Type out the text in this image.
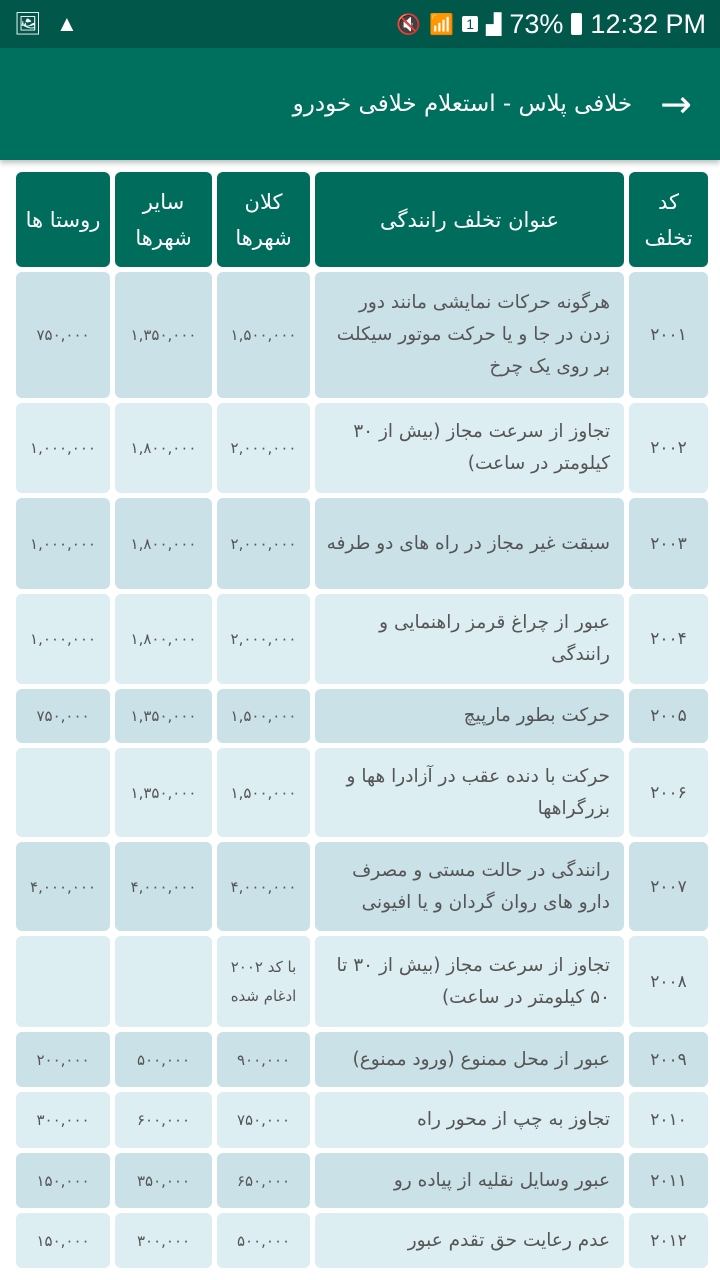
🖼 ▲	🔇 📶 1 ▟ 73% 12:32 PM
→
خلافی پلاس - استعلام خلافی خودرو
کد تخلف
عنوان تخلف رانندگی
کلان شهرها
سایر شهرها
روستا ها
۲۰۰۱
هرگونه حرکات نمایشی مانند دور زدن در جا و یا حرکت موتور سیکلت بر روی یک چرخ
۱,۵۰۰,۰۰۰
۱,۳۵۰,۰۰۰
۷۵۰,۰۰۰
۲۰۰۲
تجاوز از سرعت مجاز (بیش از ۳۰ کیلومتر در ساعت)
۲,۰۰۰,۰۰۰
۱,۸۰۰,۰۰۰
۱,۰۰۰,۰۰۰
۲۰۰۳
سبقت غیر مجاز در راه های دو طرفه
۲,۰۰۰,۰۰۰
۱,۸۰۰,۰۰۰
۱,۰۰۰,۰۰۰
۲۰۰۴
عبور از چراغ قرمز راهنمایی و رانندگی
۲,۰۰۰,۰۰۰
۱,۸۰۰,۰۰۰
۱,۰۰۰,۰۰۰
۲۰۰۵
حرکت بطور مارپیچ
۱,۵۰۰,۰۰۰
۱,۳۵۰,۰۰۰
۷۵۰,۰۰۰
۲۰۰۶
حرکت با دنده عقب در آزادرا هها و بزرگراهها
۱,۵۰۰,۰۰۰
۱,۳۵۰,۰۰۰
۲۰۰۷
رانندگی در حالت مستی و مصرف دارو های روان گردان و یا افیونی
۴,۰۰۰,۰۰۰
۴,۰۰۰,۰۰۰
۴,۰۰۰,۰۰۰
۲۰۰۸
تجاوز از سرعت مجاز (بیش از ۳۰ تا ۵۰ کیلومتر در ساعت)
با کد ۲۰۰۲ ادغام شده
۲۰۰۹
عبور از محل ممنوع (ورود ممنوع)
۹۰۰,۰۰۰
۵۰۰,۰۰۰
۲۰۰,۰۰۰
۲۰۱۰
تجاوز به چپ از محور راه
۷۵۰,۰۰۰
۶۰۰,۰۰۰
۳۰۰,۰۰۰
۲۰۱۱
عبور وسایل نقلیه از پیاده رو
۶۵۰,۰۰۰
۳۵۰,۰۰۰
۱۵۰,۰۰۰
۲۰۱۲
عدم رعایت حق تقدم عبور
۵۰۰,۰۰۰
۳۰۰,۰۰۰
۱۵۰,۰۰۰
